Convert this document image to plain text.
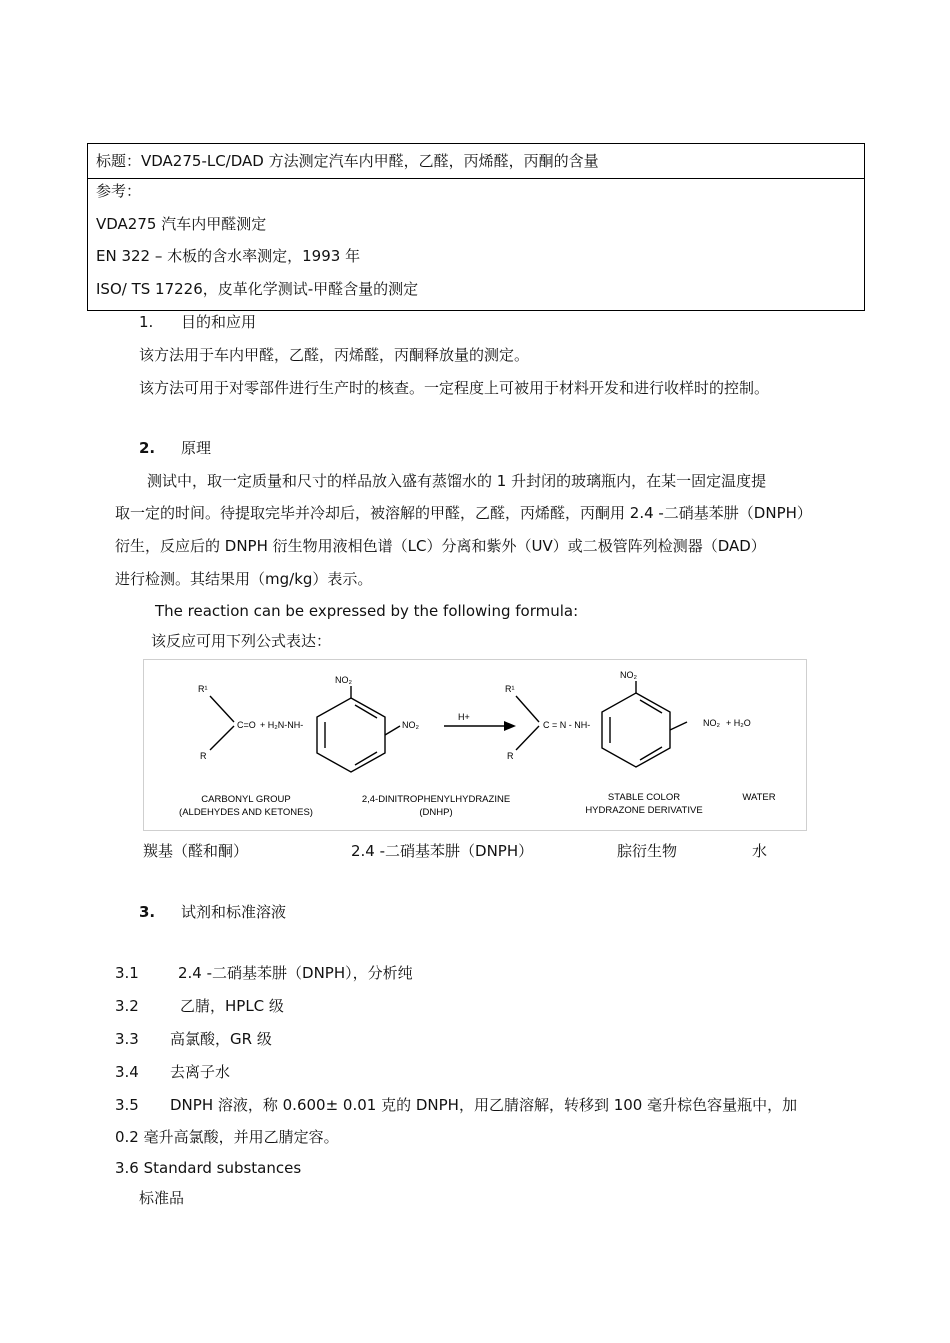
标题：VDA275-LC/DAD 方法测定汽车内甲醛，乙醛，丙烯醛，丙酮的含量
参考：
VDA275 汽车内甲醛测定
EN 322 – 木板的含水率测定，1993 年
ISO/ TS 17226，皮革化学测试-甲醛含量的测定
1. 目的和应用
该方法用于车内甲醛，乙醛，丙烯醛，丙酮释放量的测定。
该方法可用于对零部件进行生产时的核查。一定程度上可被用于材料开发和进行收样时的控制。
2. 原理
测试中，取一定质量和尺寸的样品放入盛有蒸馏水的 1 升封闭的玻璃瓶内，在某一固定温度提
取一定的时间。待提取完毕并冷却后，被溶解的甲醛，乙醛，丙烯醛，丙酮用 2.4 -二硝基苯肼（DNPH）
衍生，反应后的 DNPH 衍生物用液相色谱（LC）分离和紫外（UV）或二极管阵列检测器（DAD）
进行检测。其结果用（mg/kg）表示。
The reaction can be expressed by the following formula:
该反应可用下列公式表达：
R¹
R
C=O + H₂N-NH-
NO₂
NO₂
H+
R¹
R
C = N - NH-
NO₂
NO₂ + H₂O
CARBONYL GROUP
(ALDEHYDES AND KETONES)
2,4-DINITROPHENYLHYDRAZINE
(DNHP)
STABLE COLOR
HYDRAZONE DERIVATIVE
WATER
羰基（醛和酮）	2.4 -二硝基苯肼（DNPH）	腙衍生物	水
3. 试剂和标准溶液
3.1	2.4 -二硝基苯肼（DNPH），分析纯
3.2	乙腈，HPLC 级
3.3 高氯酸，GR 级
3.4 去离子水
3.5 DNPH 溶液，称 0.600± 0.01 克的 DNPH，用乙腈溶解，转移到 100 毫升棕色容量瓶中，加
0.2 毫升高氯酸，并用乙腈定容。
3.6 Standard substances
标准品
